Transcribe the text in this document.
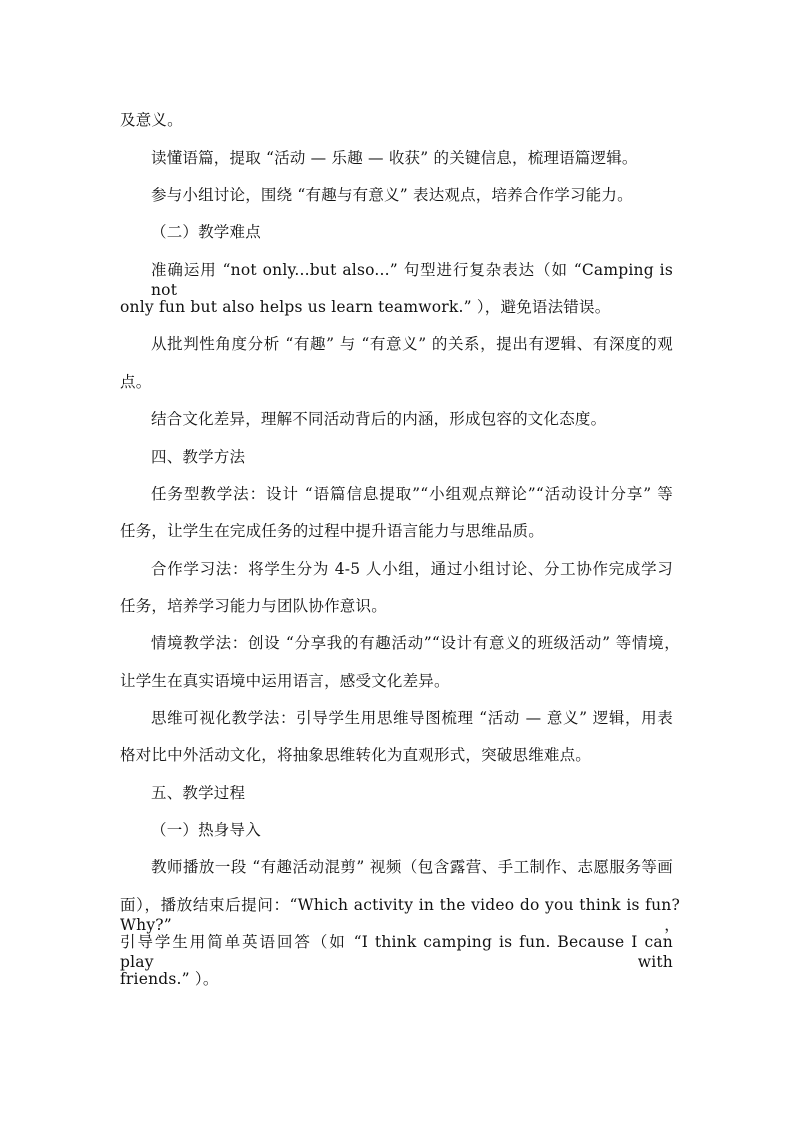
及意义。
读懂语篇，提取 “活动 — 乐趣 — 收获” 的关键信息，梳理语篇逻辑。
参与小组讨论，围绕 “有趣与有意义” 表达观点，培养合作学习能力。
（二）教学难点
准确运用 “not only...but also...” 句型进行复杂表达（如 “Camping is not
only fun but also helps us learn teamwork.” ），避免语法错误。
从批判性角度分析 “有趣” 与 “有意义” 的关系，提出有逻辑、有深度的观
点。
结合文化差异，理解不同活动背后的内涵，形成包容的文化态度。
四、教学方法
任务型教学法：设计 “语篇信息提取”“小组观点辩论”“活动设计分享” 等
任务，让学生在完成任务的过程中提升语言能力与思维品质。
合作学习法：将学生分为 4-5 人小组，通过小组讨论、分工协作完成学习
任务，培养学习能力与团队协作意识。
情境教学法：创设 “分享我的有趣活动”“设计有意义的班级活动” 等情境，
让学生在真实语境中运用语言，感受文化差异。
思维可视化教学法：引导学生用思维导图梳理 “活动 — 意义” 逻辑，用表
格对比中外活动文化，将抽象思维转化为直观形式，突破思维难点。
五、教学过程
（一）热身导入
教师播放一段 “有趣活动混剪” 视频（包含露营、手工制作、志愿服务等画
面），播放结束后提问：“Which activity in the video do you think is fun? Why?”，
引导学生用简单英语回答（如 “I think camping is fun. Because I can play with
friends.” ）。
